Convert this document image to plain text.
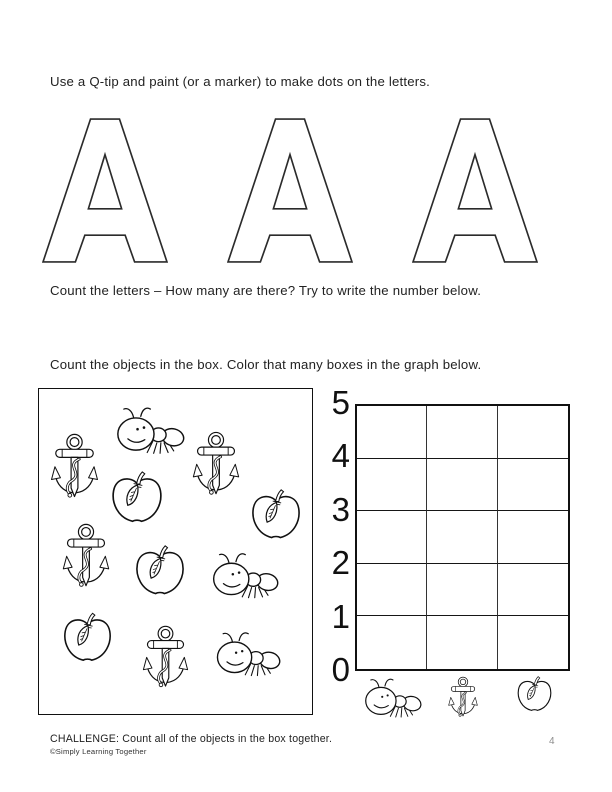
Use a Q-tip and paint (or a marker) to make dots on the letters.

Count the letters – How many are there? Try to write the number below.

Count the objects in the box. Color that many boxes in the graph below.

5
4
3
2
1
0

CHALLENGE: Count all of the objects in the box together.

©Simply Learning Together

4
